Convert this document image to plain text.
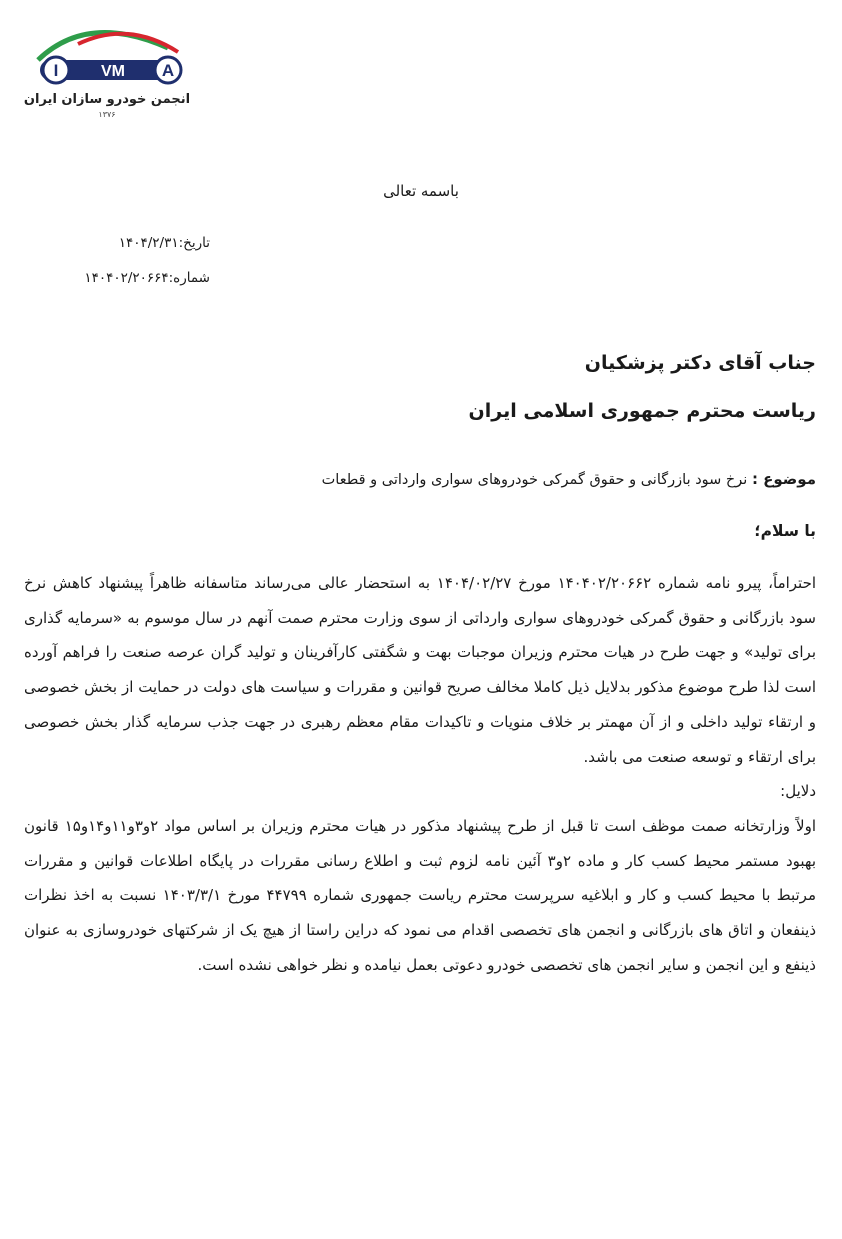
I	VM A
انجمن خودرو سازان ایران
۱۳۷۶
باسمه تعالی
تاریخ:۱۴۰۴/۲/۳۱
شماره:۱۴۰۴۰۲/۲۰۶۶۴
جناب آقای دکتر پزشکیان
ریاست محترم جمهوری اسلامی ایران
موضوع : نرخ سود بازرگانی و حقوق گمرکی خودروهای سواری وارداتی و قطعات
با سلام؛

احتراماً، پیرو نامه شماره ۱۴۰۴۰۲/۲۰۶۶۲ مورخ ۱۴۰۴/۰۲/۲۷ به استحضار عالی می‌رساند متاسفانه ظاهراً پیشنهاد کاهش نرخ سود بازرگانی و حقوق گمرکی خودروهای سواری وارداتی از سوی وزارت محترم صمت آنهم در سال موسوم به «سرمایه گذاری برای تولید» و جهت طرح در هیات محترم وزیران موجبات بهت و شگفتی کارآفرینان و تولید گران عرصه صنعت را فراهم آورده است لذا طرح موضوع مذکور بدلایل ذیل کاملا مخالف صریح قوانین و مقررات و سیاست های دولت در حمایت از بخش خصوصی و ارتقاء تولید داخلی و از آن مهمتر بر خلاف منویات و تاکیدات مقام معظم رهبری در جهت جذب سرمایه گذار بخش خصوصی برای ارتقاء و توسعه صنعت می باشد.

دلایل:

اولاً وزارتخانه صمت موظف است تا قبل از طرح پیشنهاد مذکور در هیات محترم وزیران بر اساس مواد ۲و۳و۱۱و۱۴و۱۵ قانون بهبود مستمر محیط کسب کار و ماده ۲و۳ آئین نامه لزوم ثبت و اطلاع رسانی مقررات در پایگاه اطلاعات قوانین و مقررات مرتبط با محیط کسب و کار و ابلاغیه سرپرست محترم ریاست جمهوری شماره ۴۴۷۹۹ مورخ ۱۴۰۳/۳/۱ نسبت به اخذ نظرات ذینفعان و اتاق های بازرگانی و انجمن های تخصصی اقدام می نمود که دراین راستا از هیچ یک از شرکتهای خودروسازی به عنوان ذینفع و این انجمن و سایر انجمن های تخصصی خودرو دعوتی بعمل نیامده و نظر خواهی نشده است.
